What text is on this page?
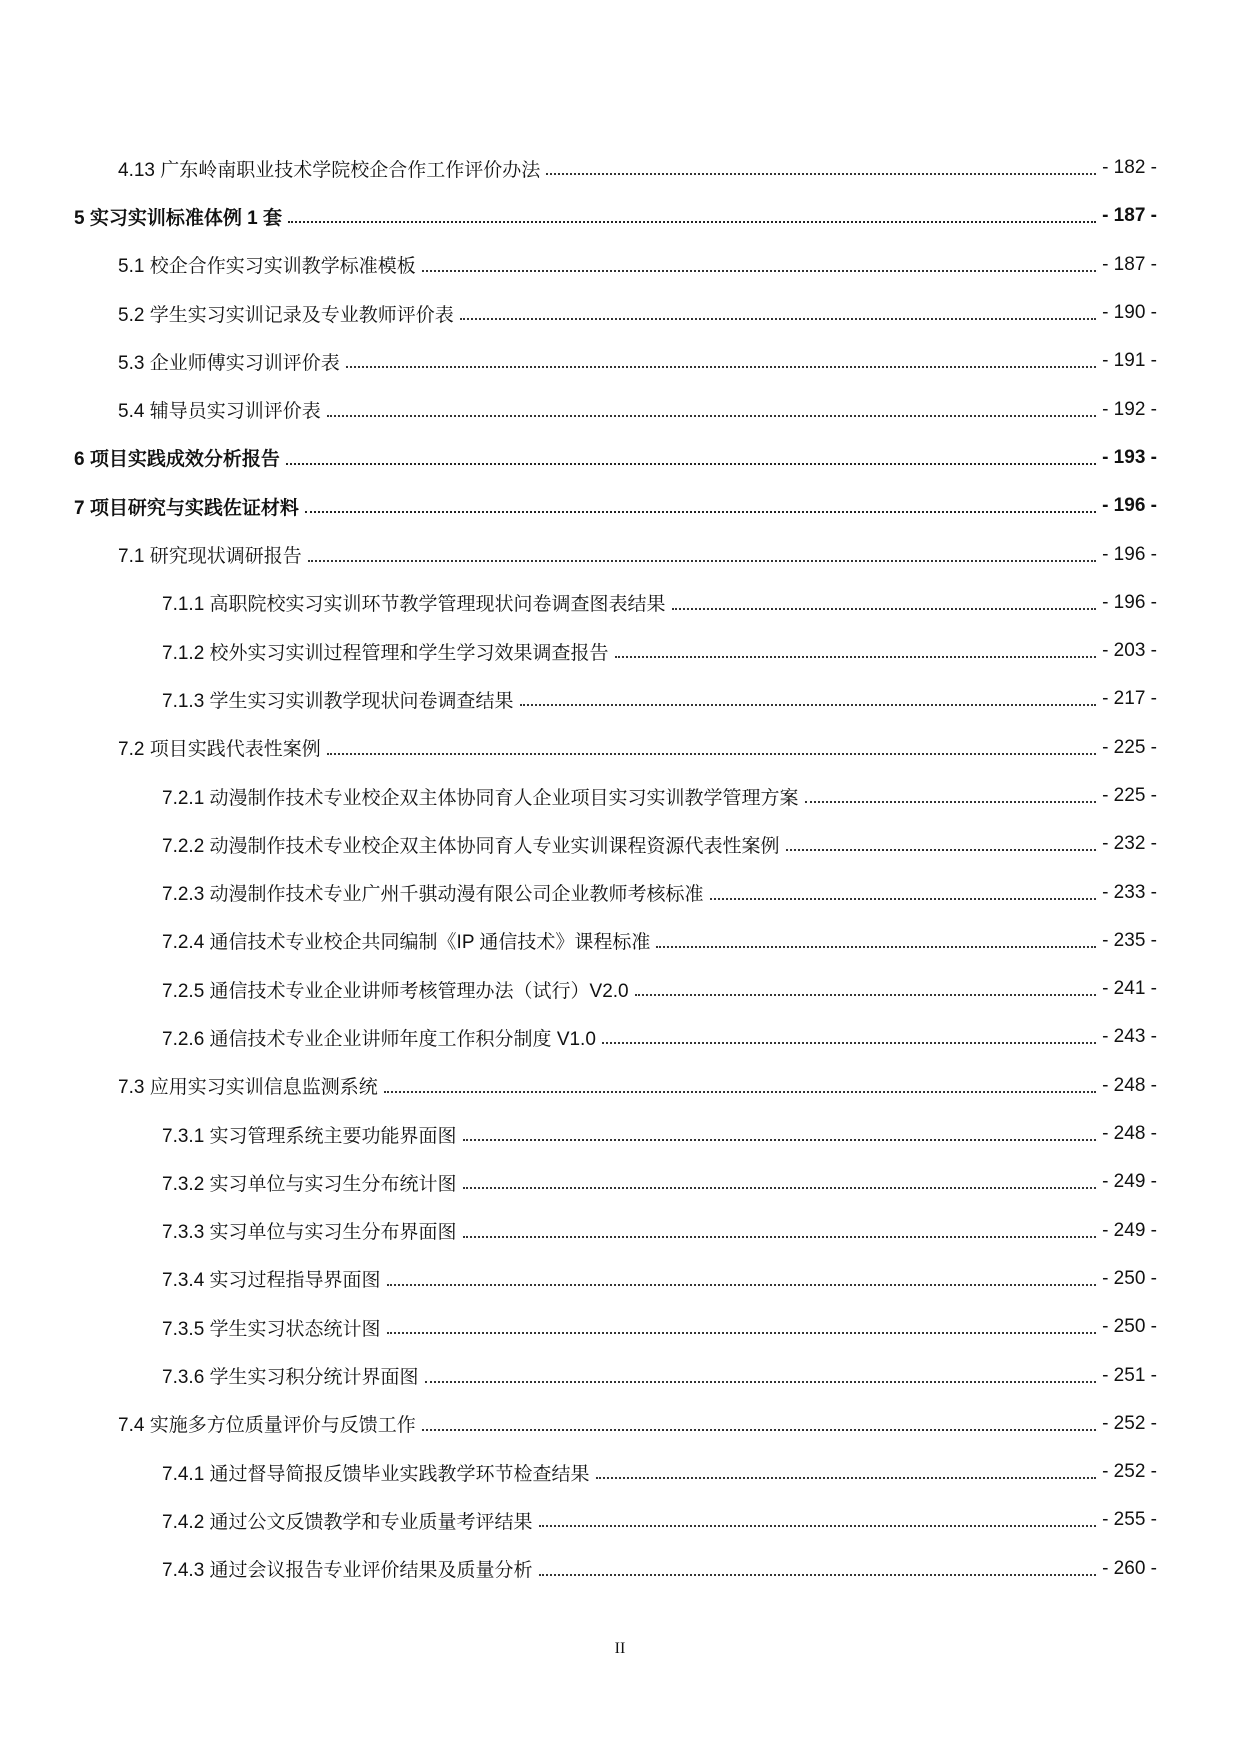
4.13 广东岭南职业技术学院校企合作工作评价办法	- 182 -
5 实习实训标准体例 1 套	- 187 -
5.1 校企合作实习实训教学标准模板	- 187 -
5.2 学生实习实训记录及专业教师评价表	- 190 -
5.3 企业师傅实习训评价表	- 191 -
5.4 辅导员实习训评价表	- 192 -
6 项目实践成效分析报告	- 193 -
7 项目研究与实践佐证材料	- 196 -
7.1 研究现状调研报告	- 196 -
7.1.1 高职院校实习实训环节教学管理现状问卷调查图表结果	- 196 -
7.1.2 校外实习实训过程管理和学生学习效果调查报告	- 203 -
7.1.3 学生实习实训教学现状问卷调查结果	- 217 -
7.2 项目实践代表性案例	- 225 -
7.2.1 动漫制作技术专业校企双主体协同育人企业项目实习实训教学管理方案	- 225 -
7.2.2 动漫制作技术专业校企双主体协同育人专业实训课程资源代表性案例	- 232 -
7.2.3 动漫制作技术专业广州千骐动漫有限公司企业教师考核标准	- 233 -
7.2.4 通信技术专业校企共同编制《IP 通信技术》课程标准	- 235 -
7.2.5 通信技术专业企业讲师考核管理办法（试行）V2.0	- 241 -
7.2.6 通信技术专业企业讲师年度工作积分制度 V1.0	- 243 -
7.3 应用实习实训信息监测系统	- 248 -
7.3.1 实习管理系统主要功能界面图	- 248 -
7.3.2 实习单位与实习生分布统计图	- 249 -
7.3.3 实习单位与实习生分布界面图	- 249 -
7.3.4 实习过程指导界面图	- 250 -
7.3.5 学生实习状态统计图	- 250 -
7.3.6 学生实习积分统计界面图	- 251 -
7.4 实施多方位质量评价与反馈工作	- 252 -
7.4.1 通过督导简报反馈毕业实践教学环节检查结果	- 252 -
7.4.2 通过公文反馈教学和专业质量考评结果	- 255 -
7.4.3 通过会议报告专业评价结果及质量分析	- 260 -
II
